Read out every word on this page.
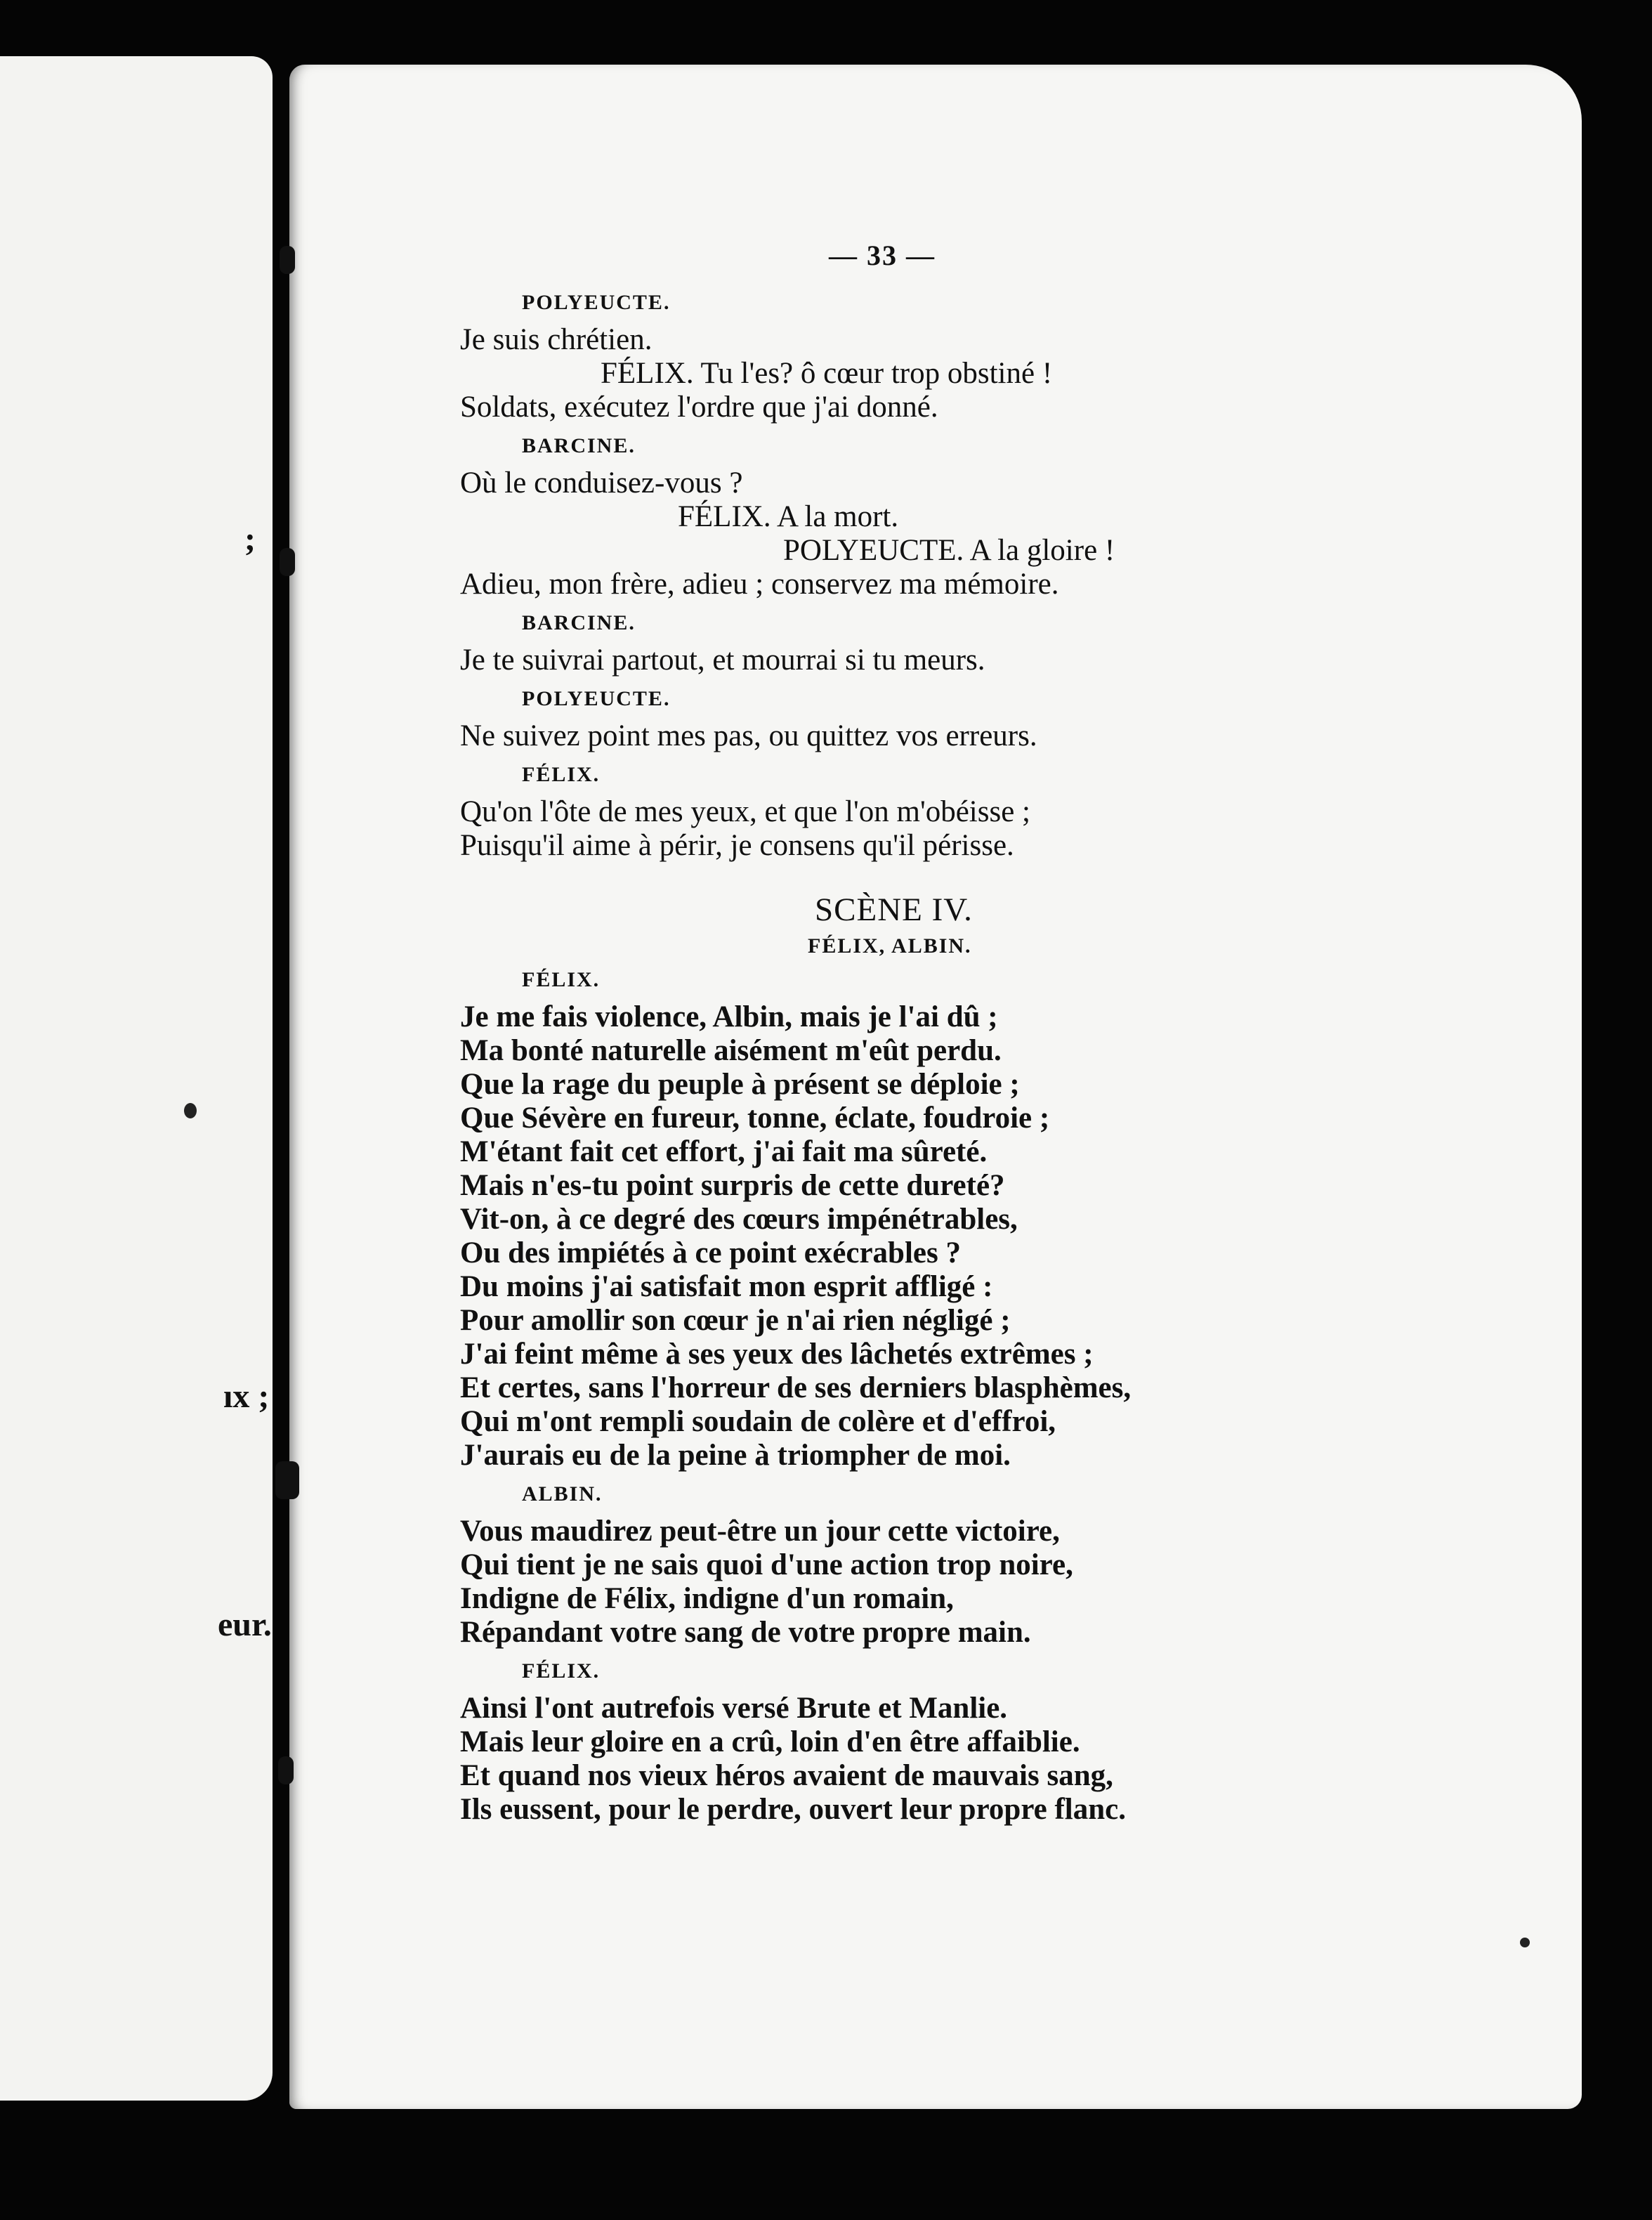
;
ıx ;
eur.
— 33 —
POLYEUCTE.
Je suis chrétien.
FÉLIX. Tu l'es? ô cœur trop obstiné !
Soldats, exécutez l'ordre que j'ai donné.
BARCINE.
Où le conduisez-vous ?
FÉLIX. A la mort.
POLYEUCTE. A la gloire !
Adieu, mon frère, adieu ; conservez ma mémoire.
BARCINE.
Je te suivrai partout, et mourrai si tu meurs.
POLYEUCTE.
Ne suivez point mes pas, ou quittez vos erreurs.
FÉLIX.
Qu'on l'ôte de mes yeux, et que l'on m'obéisse ;
Puisqu'il aime à périr, je consens qu'il périsse.
SCÈNE IV.
FÉLIX, ALBIN.
FÉLIX.
Je me fais violence, Albin, mais je l'ai dû ;
Ma bonté naturelle aisément m'eût perdu.
Que la rage du peuple à présent se déploie ;
Que Sévère en fureur, tonne, éclate, foudroie ;
M'étant fait cet effort, j'ai fait ma sûreté.
Mais n'es-tu point surpris de cette dureté?
Vit-on, à ce degré des cœurs impénétrables,
Ou des impiétés à ce point exécrables ?
Du moins j'ai satisfait mon esprit affligé :
Pour amollir son cœur je n'ai rien négligé ;
J'ai feint même à ses yeux des lâchetés extrêmes ;
Et certes, sans l'horreur de ses derniers blasphèmes,
Qui m'ont rempli soudain de colère et d'effroi,
J'aurais eu de la peine à triompher de moi.
ALBIN.
Vous maudirez peut-être un jour cette victoire,
Qui tient je ne sais quoi d'une action trop noire,
Indigne de Félix, indigne d'un romain,
Répandant votre sang de votre propre main.
FÉLIX.
Ainsi l'ont autrefois versé Brute et Manlie.
Mais leur gloire en a crû, loin d'en être affaiblie.
Et quand nos vieux héros avaient de mauvais sang,
Ils eussent, pour le perdre, ouvert leur propre flanc.
